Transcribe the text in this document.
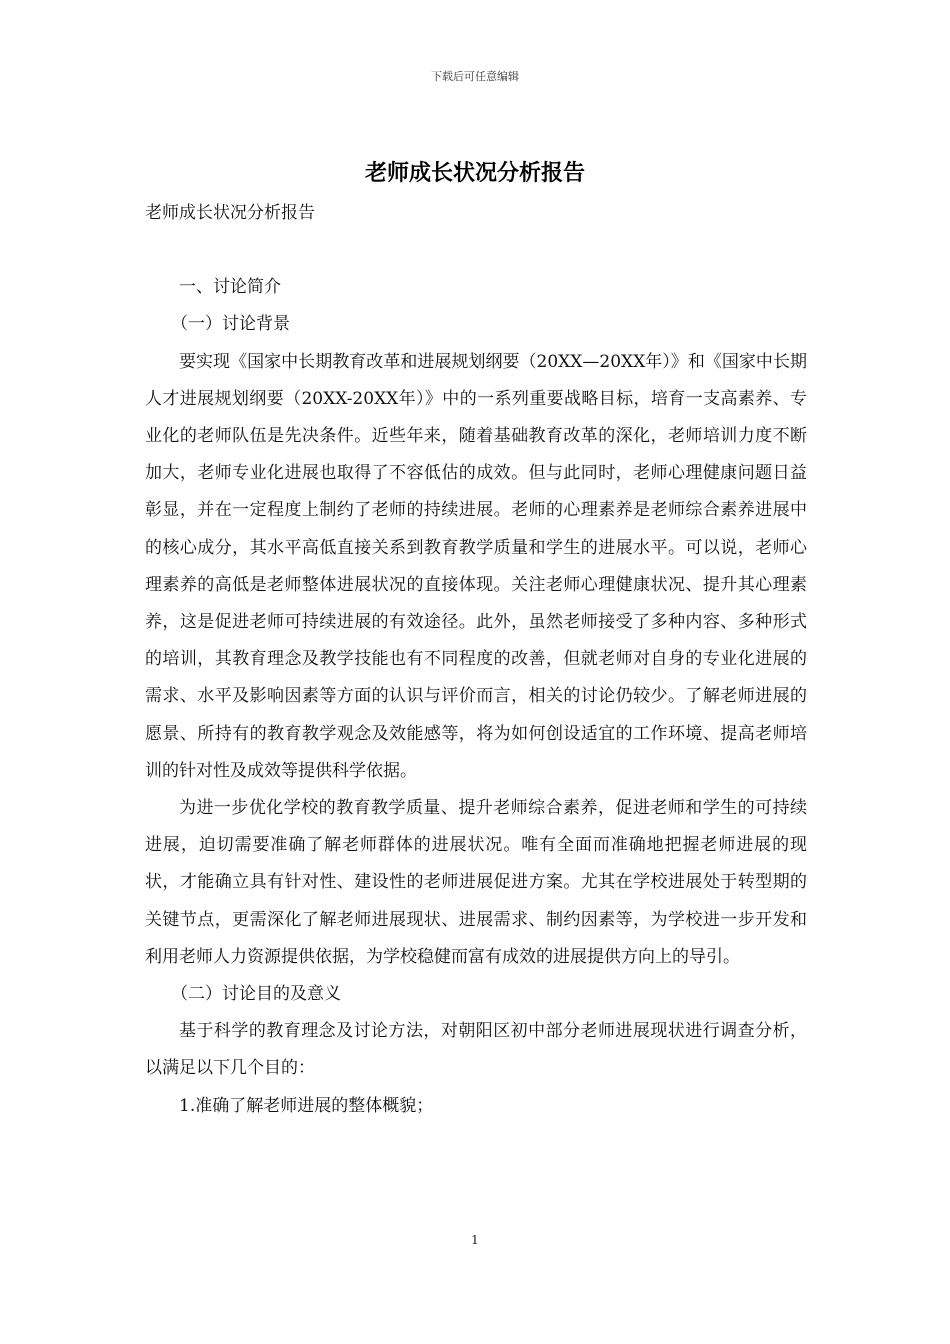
下载后可任意编辑
老师成长状况分析报告

老师成长状况分析报告

一、讨论简介

（一）讨论背景

要实现《国家中长期教育改革和进展规划纲要（20XX—20XX年）》和《国家中长期人才进展规划纲要（20XX-20XX年）》中的一系列重要战略目标，培育一支高素养、专业化的老师队伍是先决条件。近些年来，随着基础教育改革的深化，老师培训力度不断加大，老师专业化进展也取得了不容低估的成效。但与此同时，老师心理健康问题日益彰显，并在一定程度上制约了老师的持续进展。老师的心理素养是老师综合素养进展中的核心成分，其水平高低直接关系到教育教学质量和学生的进展水平。可以说，老师心理素养的高低是老师整体进展状况的直接体现。关注老师心理健康状况、提升其心理素养，这是促进老师可持续进展的有效途径。此外，虽然老师接受了多种内容、多种形式的培训，其教育理念及教学技能也有不同程度的改善，但就老师对自身的专业化进展的需求、水平及影响因素等方面的认识与评价而言，相关的讨论仍较少。了解老师进展的愿景、所持有的教育教学观念及效能感等，将为如何创设适宜的工作环境、提高老师培训的针对性及成效等提供科学依据。

为进一步优化学校的教育教学质量、提升老师综合素养，促进老师和学生的可持续进展，迫切需要准确了解老师群体的进展状况。唯有全面而准确地把握老师进展的现状，才能确立具有针对性、建设性的老师进展促进方案。尤其在学校进展处于转型期的关键节点，更需深化了解老师进展现状、进展需求、制约因素等，为学校进一步开发和利用老师人力资源提供依据，为学校稳健而富有成效的进展提供方向上的导引。

（二）讨论目的及意义

基于科学的教育理念及讨论方法，对朝阳区初中部分老师进展现状进行调查分析，以满足以下几个目的：

1.准确了解老师进展的整体概貌；

1
